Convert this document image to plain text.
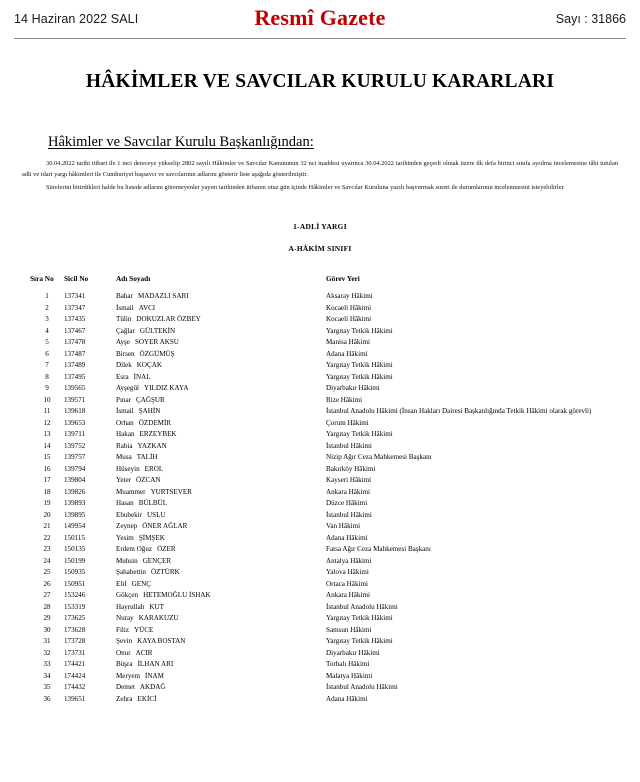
14 Haziran 2022 SALI	Resmî Gazete	Sayı : 31866
HÂKİMLER VE SAVCILAR KURULU KARARLARI
Hâkimler ve Savcılar Kurulu Başkanlığından:

30.04.2022 tarihi itibari ile 1 inci dereceye yükselip 2802 sayılı Hâkimler ve Savcılar Kanununun 32 nci maddesi uyarınca 30.04.2022 tarihinden geçerli olmak üzere ilk defa birinci sınıfa ayrılma incelemesine tâbi tutulan adli ve idari yargı hâkimleri ile Cumhuriyet başsavcı ve savcılarının adlarını gösterir liste aşağıda gösterilmiştir.

Sürelerini bitirdikleri halde bu listede adlarını göremeyenler yayım tarihinden itibaren otuz gün içinde Hâkimler ve Savcılar Kuruluna yazılı başvurmak sureti ile durumlarının incelenmesini isteyebilirler.

1-ADLİ YARGI
A-HÂKİM SINIFI
Sıra No	Sicil No	Adı Soyadı	Görev Yeri
1	137341	Bahar MADAZLI SARI	Aksaray Hâkimi
2	137347	İsmail AVCI	Kocaeli Hâkimi
3	137435	Tülin DOKUZLAR ÖZBEY	Kocaeli Hâkimi
4	137467	Çağlar GÜLTEKİN	Yargıtay Tetkik Hâkimi
5	137478	Ayşe SOYER AKSU	Manisa Hâkimi
6	137487	Birsen ÖZGÜMÜŞ	Adana Hâkimi
7	137489	Dilek KOÇAK	Yargıtay Tetkik Hâkimi
8	137495	Esra İNAL	Yargıtay Tetkik Hâkimi
9	139565	Ayşegül YILDIZ KAYA	Diyarbakır Hâkimi
10	139571	Pınar ÇAĞŞUR	Rize Hâkimi
11	139618	İsmail ŞAHİN	İstanbul Anadolu Hâkimi (İnsan Hakları Dairesi Başkanlığında Tetkik Hâkimi olarak görevli)
12	139653	Orhan ÖZDEMİR	Çorum Hâkimi
13	139711	Hakan ERZEYBEK	Yargıtay Tetkik Hâkimi
14	139752	Rabia YAZKAN	İstanbul Hâkimi
15	139757	Musa TALİH	Nizip Ağır Ceza Mahkemesi Başkanı
16	139794	Hüseyin EROL	Bakırköy Hâkimi
17	139804	Yeter ÖZCAN	Kayseri Hâkimi
18	139826	Muammer YURTSEVER	Ankara Hâkimi
19	139893	Hasan BÜLBÜL	Düzce Hâkimi
20	139895	Ebubekir USLU	İstanbul Hâkimi
21	149954	Zeynep ÖNER AĞLAR	Van Hâkimi
22	150115	Yesim ŞİMŞEK	Adana Hâkimi
23	150135	Erdem Oğuz ÖZER	Fatsa Ağır Ceza Mahkemesi Başkanı
24	150199	Muhsin GENÇER	Antalya Hâkimi
25	150935	Şahabettin ÖZTÜRK	Yalova Hâkimi
26	150951	Elif GENÇ	Ortaca Hâkimi
27	153246	Gökçen HETEMOĞLU İSHAK	Ankara Hâkimi
28	153319	Hayrullah KUT	İstanbul Anadolu Hâkimi
29	173625	Nuray KARAKUZU	Yargıtay Tetkik Hâkimi
30	173628	Filiz YÜCE	Samsun Hâkimi
31	173728	Şevin KAYA BOSTAN	Yargıtay Tetkik Hâkimi
32	173731	Onur ACIR	Diyarbakır Hâkimi
33	174421	Büşra İLHAN ARI	Torbalı Hâkimi
34	174424	Meryem İNAM	Malatya Hâkimi
35	174432	Demet AKDAĞ	İstanbul Anadolu Hâkimi
36	139651	Zehra EKİCİ	Adana Hâkimi
